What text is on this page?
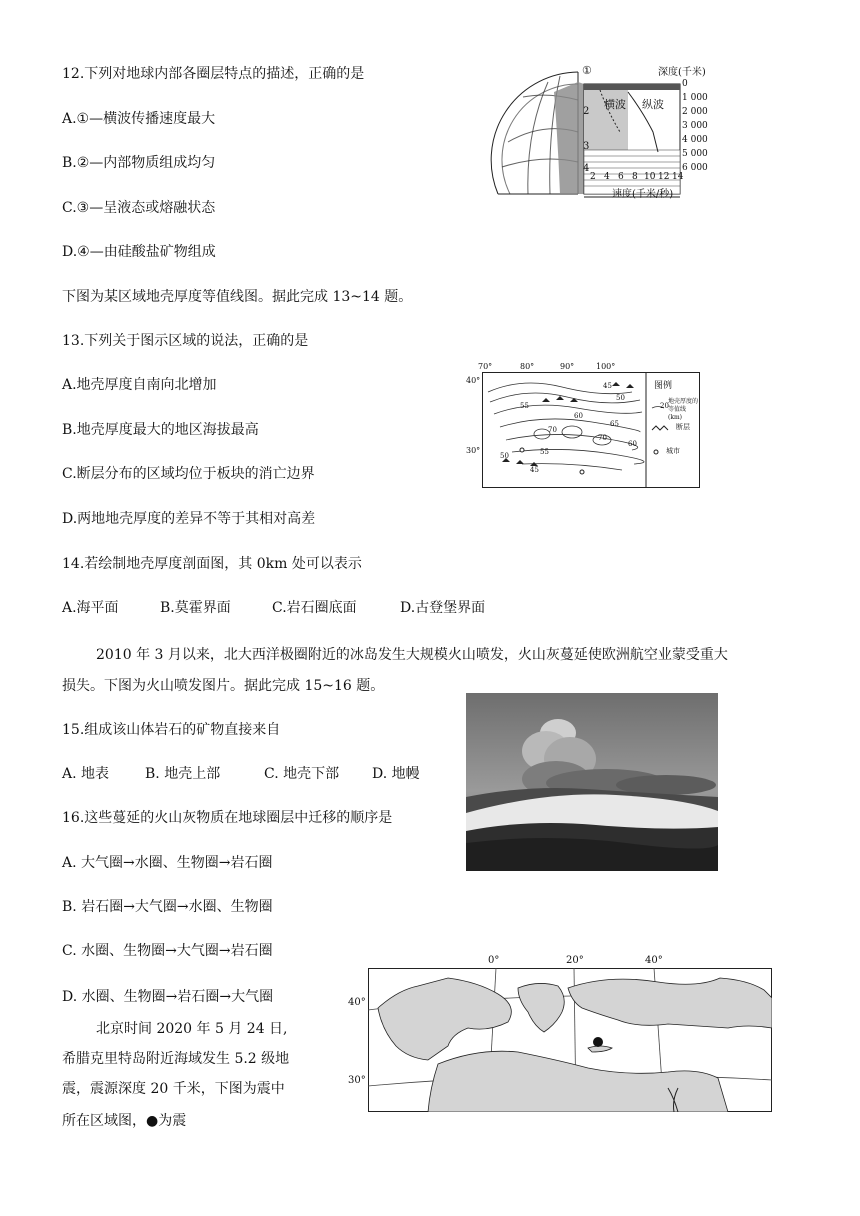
12.下列对地球内部各圈层特点的描述，正确的是
A.①—横波传播速度最大
B.②—内部物质组成均匀
C.③—呈液态或熔融状态
D.④—由硅酸盐矿物组成
①
2
3
4
横波 纵波
深度(千米)
0
1 000
2 000
3 000
4 000
5 000
6 000
2 4 6 8 10 12 14
速度(千米/秒)
下图为某区域地壳厚度等值线图。据此完成 13~14 题。
13.下列关于图示区域的说法，正确的是
A.地壳厚度自南向北增加
B.地壳厚度最大的地区海拔最高
C.断层分布的区域均位于板块的消亡边界
D.两地地壳厚度的差异不等于其相对高差
70°	80°	90°	100°
40°
30°
45
50
55
60
65
70
70
60
55
50
45
图例
20
地壳厚度的等值线(km)
断层
城市
14.若绘制地壳厚度剖面图，其 0km 处可以表示
A.海平面	B.莫霍界面	C.岩石圈底面	D.古登堡界面
2010 年 3 月以来，北大西洋极圈附近的冰岛发生大规模火山喷发，火山灰蔓延使欧洲航空业蒙受重大
损失。下图为火山喷发图片。据此完成 15~16 题。
15.组成该山体岩石的矿物直接来自
A. 地表	B. 地壳上部	C. 地壳下部 D. 地幔
16.这些蔓延的火山灰物质在地球圈层中迁移的顺序是
A. 大气圈→水圈、生物圈→岩石圈
B. 岩石圈→大气圈→水圈、生物圈
C. 水圈、生物圈→大气圈→岩石圈
D. 水圈、生物圈→岩石圈→大气圈
北京时间 2020 年 5 月 24 日,
希腊克里特岛附近海域发生 5.2 级地
震，震源深度 20 千米，下图为震中
所在区域图，●为震
0°	20°	40°
40°
30°
